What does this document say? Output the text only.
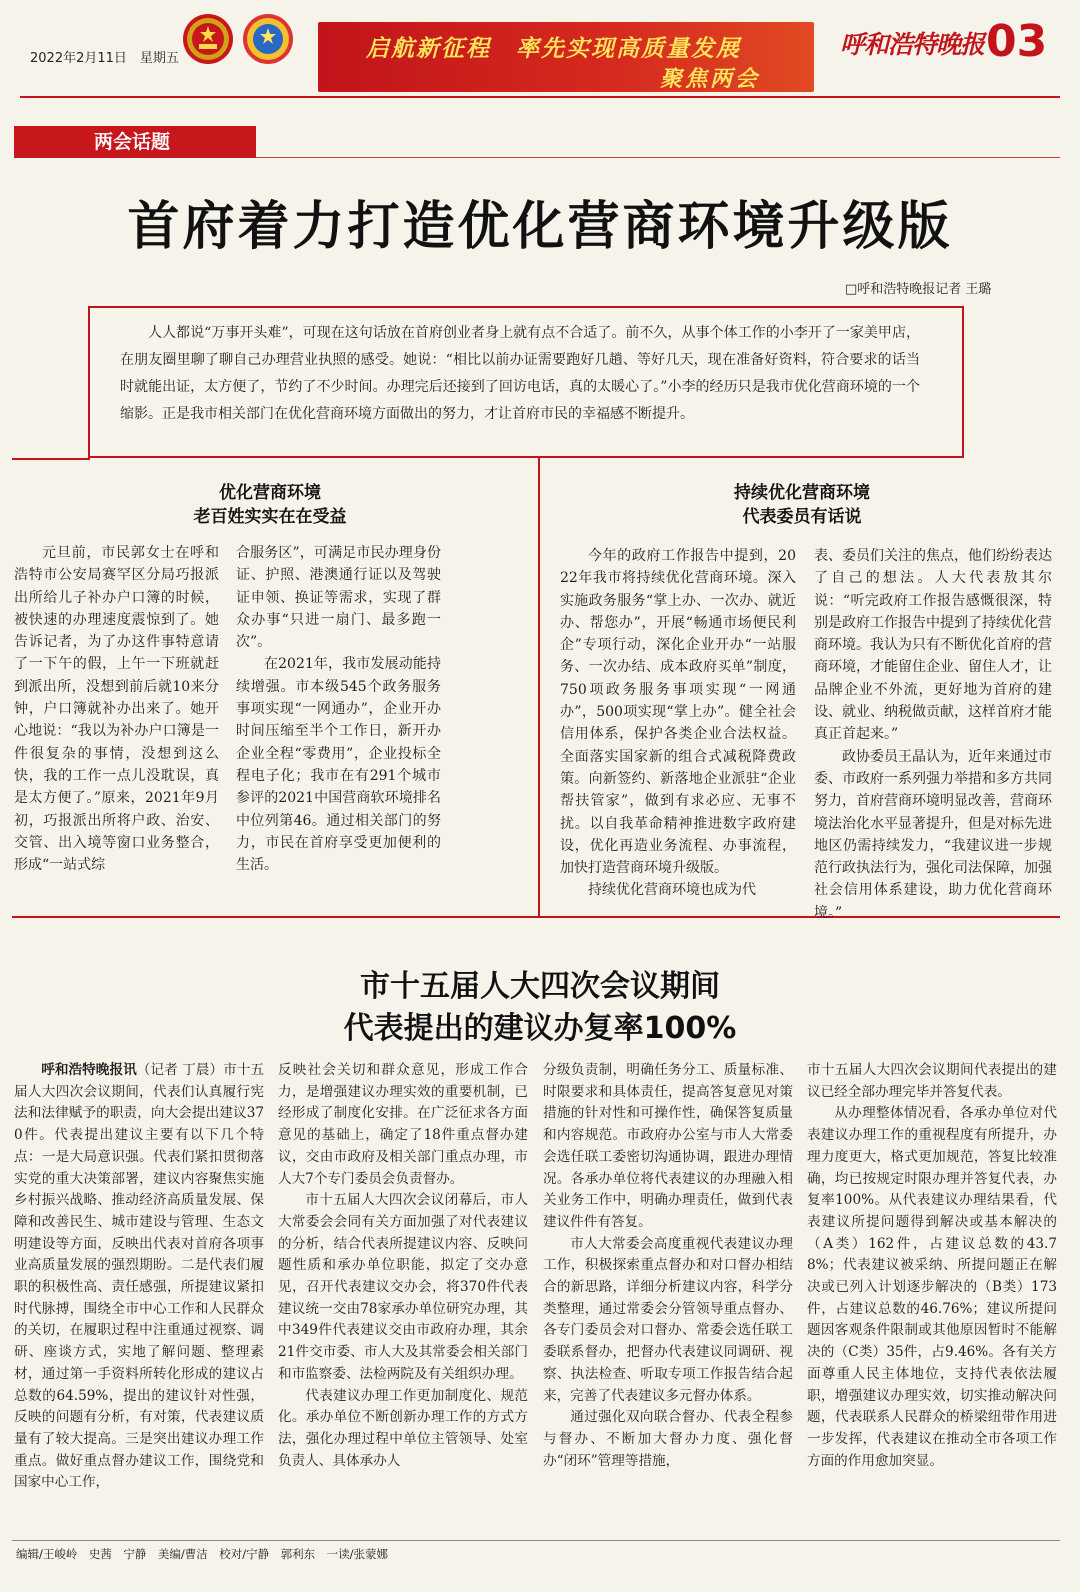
2022年2月11日　星期五	启航新征程　率先实现高质量发展
聚焦两会
呼和浩特晚报 03
两会话题
首府着力打造优化营商环境升级版
□呼和浩特晚报记者 王璐
人人都说“万事开头难”，可现在这句话放在首府创业者身上就有点不合适了。前不久，从事个体工作的小李开了一家美甲店，在朋友圈里聊了聊自己办理营业执照的感受。她说：“相比以前办证需要跑好几趟、等好几天，现在准备好资料，符合要求的话当时就能出证，太方便了，节约了不少时间。办理完后还接到了回访电话，真的太暖心了。”小李的经历只是我市优化营商环境的一个缩影。正是我市相关部门在优化营商环境方面做出的努力，才让首府市民的幸福感不断提升。
优化营商环境
老百姓实实在在受益

元旦前，市民郭女士在呼和浩特市公安局赛罕区分局巧报派出所给儿子补办户口簿的时候，被快速的办理速度震惊到了。她告诉记者，为了办这件事特意请了一下午的假，上午一下班就赶到派出所，没想到前后就10来分钟，户口簿就补办出来了。她开心地说：“我以为补办户口簿是一件很复杂的事情，没想到这么快，我的工作一点儿没耽误，真是太方便了。”原来，2021年9月初，巧报派出所将户政、治安、交管、出入境等窗口业务整合，形成“一站式综

合服务区”，可满足市民办理身份证、护照、港澳通行证以及驾驶证申领、换证等需求，实现了群众办事“只进一扇门、最多跑一次”。

在2021年，我市发展动能持续增强。市本级545个政务服务事项实现“一网通办”，企业开办时间压缩至半个工作日，新开办企业全程“零费用”，企业投标全程电子化；我市在有291个城市参评的2021中国营商软环境排名中位列第46。通过相关部门的努力，市民在首府享受更加便利的生活。

持续优化营商环境
代表委员有话说

今年的政府工作报告中提到，2022年我市将持续优化营商环境。深入实施政务服务“掌上办、一次办、就近办、帮您办”，开展“畅通市场便民利企”专项行动，深化企业开办“一站服务、一次办结、成本政府买单”制度，750项政务服务事项实现“一网通办”，500项实现“掌上办”。健全社会信用体系，保护各类企业合法权益。全面落实国家新的组合式减税降费政策。向新签约、新落地企业派驻“企业帮扶管家”，做到有求必应、无事不扰。以自我革命精神推进数字政府建设，优化再造业务流程、办事流程，加快打造营商环境升级版。

持续优化营商环境也成为代

表、委员们关注的焦点，他们纷纷表达了自己的想法。人大代表敖其尔说：“听完政府工作报告感慨很深，特别是政府工作报告中提到了持续优化营商环境。我认为只有不断优化首府的营商环境，才能留住企业、留住人才，让品牌企业不外流，更好地为首府的建设、就业、纳税做贡献，这样首府才能真正首起来。”

政协委员王晶认为，近年来通过市委、市政府一系列强力举措和多方共同努力，首府营商环境明显改善，营商环境法治化水平显著提升，但是对标先进地区仍需持续发力，“我建议进一步规范行政执法行为，强化司法保障，加强社会信用体系建设，助力优化营商环境。”

市十五届人大四次会议期间
代表提出的建议办复率100%

呼和浩特晚报讯（记者 丁晨）市十五届人大四次会议期间，代表们认真履行宪法和法律赋予的职责，向大会提出建议370件。代表提出建议主要有以下几个特点：一是大局意识强。代表们紧扣贯彻落实党的重大决策部署，建议内容聚焦实施乡村振兴战略、推动经济高质量发展、保障和改善民生、城市建设与管理、生态文明建设等方面，反映出代表对首府各项事业高质量发展的强烈期盼。二是代表们履职的积极性高、责任感强，所提建议紧扣时代脉搏，围绕全市中心工作和人民群众的关切，在履职过程中注重通过视察、调研、座谈方式，实地了解问题、整理素材，通过第一手资料所转化形成的建议占总数的64.59%，提出的建议针对性强，反映的问题有分析，有对策，代表建议质量有了较大提高。三是突出建议办理工作重点。做好重点督办建议工作，围绕党和国家中心工作，

反映社会关切和群众意见，形成工作合力，是增强建议办理实效的重要机制，已经形成了制度化安排。在广泛征求各方面意见的基础上，确定了18件重点督办建议，交由市政府及相关部门重点办理，市人大7个专门委员会负责督办。

市十五届人大四次会议闭幕后，市人大常委会会同有关方面加强了对代表建议的分析，结合代表所提建议内容、反映问题性质和承办单位职能，拟定了交办意见，召开代表建议交办会，将370件代表建议统一交由78家承办单位研究办理，其中349件代表建议交由市政府办理，其余21件交市委、市人大及其常委会相关部门和市监察委、法检两院及有关组织办理。

代表建议办理工作更加制度化、规范化。承办单位不断创新办理工作的方式方法，强化办理过程中单位主管领导、处室负责人、具体承办人

分级负责制，明确任务分工、质量标准、时限要求和具体责任，提高答复意见对策措施的针对性和可操作性，确保答复质量和内容规范。市政府办公室与市人大常委会选任联工委密切沟通协调，跟进办理情况。各承办单位将代表建议的办理融入相关业务工作中，明确办理责任，做到代表建议件件有答复。

市人大常委会高度重视代表建议办理工作，积极探索重点督办和对口督办相结合的新思路，详细分析建议内容，科学分类整理，通过常委会分管领导重点督办、各专门委员会对口督办、常委会选任联工委联系督办，把督办代表建议同调研、视察、执法检查、听取专项工作报告结合起来，完善了代表建议多元督办体系。

通过强化双向联合督办、代表全程参与督办、不断加大督办力度、强化督办“闭环”管理等措施，

市十五届人大四次会议期间代表提出的建议已经全部办理完毕并答复代表。

从办理整体情况看，各承办单位对代表建议办理工作的重视程度有所提升，办理力度更大，格式更加规范，答复比较准确，均已按规定时限办理并答复代表，办复率100%。从代表建议办理结果看，代表建议所提问题得到解决或基本解决的（A类）162件，占建议总数的43.78%；代表建议被采纳、所提问题正在解决或已列入计划逐步解决的（B类）173件，占建议总数的46.76%；建议所提问题因客观条件限制或其他原因暂时不能解决的（C类）35件，占9.46%。各有关方面尊重人民主体地位，支持代表依法履职，增强建议办理实效，切实推动解决问题，代表联系人民群众的桥梁纽带作用进一步发挥，代表建议在推动全市各项工作方面的作用愈加突显。

编辑/王峻岭　史茜　宁静　美编/曹洁　校对/宁静　郭利东　一读/张蒙娜
